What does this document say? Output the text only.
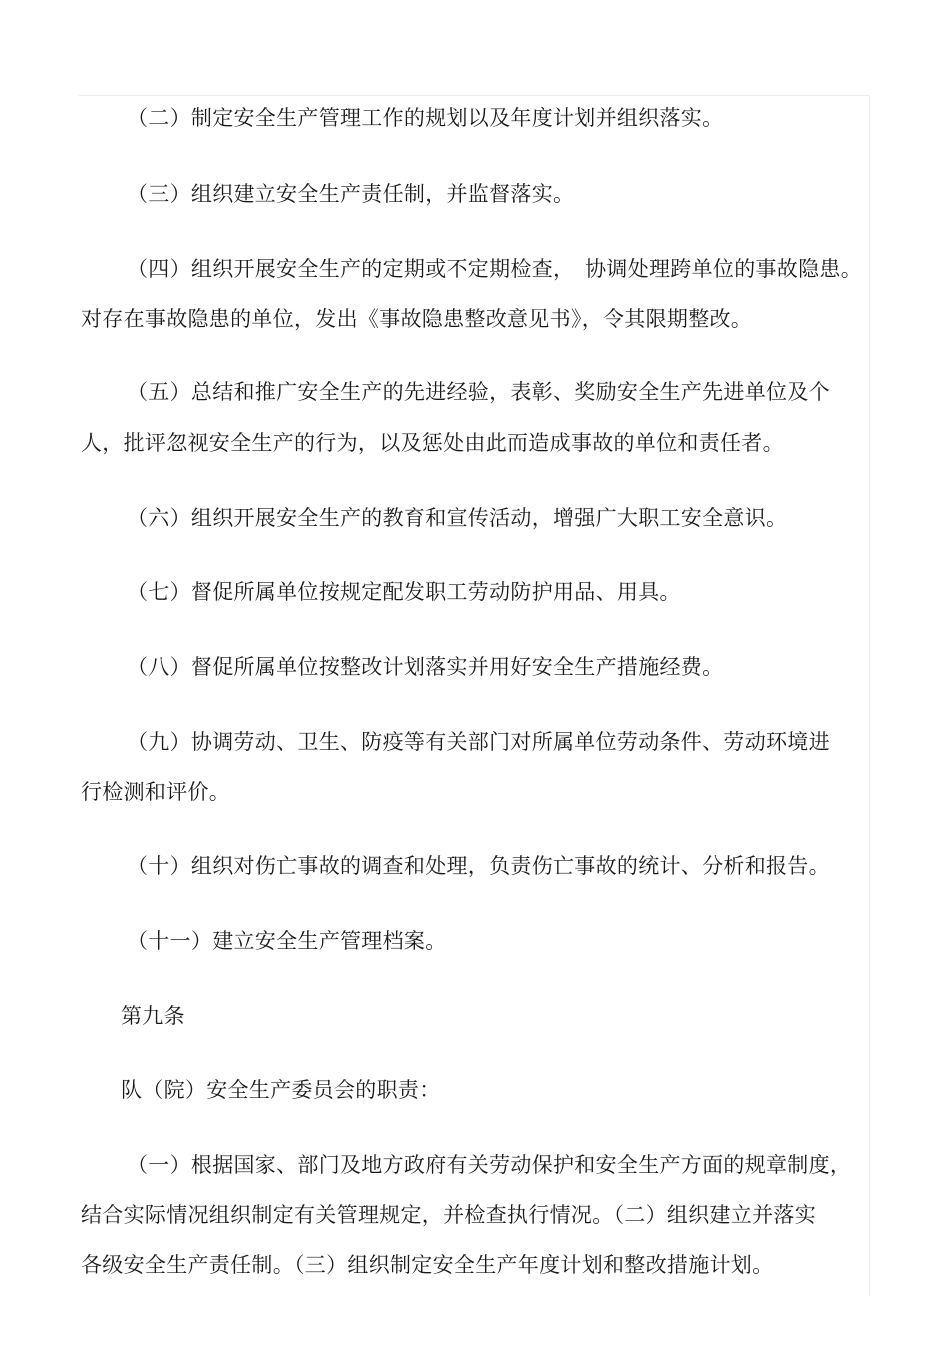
（二）制定安全生产管理工作的规划以及年度计划并组织落实。
（三）组织建立安全生产责任制，并监督落实。
（四）组织开展安全生产的定期或不定期检查，　协调处理跨单位的事故隐患。
对存在事故隐患的单位，发出《事故隐患整改意见书》，令其限期整改。
（五）总结和推广安全生产的先进经验，表彰、奖励安全生产先进单位及个
人，批评忽视安全生产的行为，以及惩处由此而造成事故的单位和责任者。
（六）组织开展安全生产的教育和宣传活动，增强广大职工安全意识。
（七）督促所属单位按规定配发职工劳动防护用品、用具。
（八）督促所属单位按整改计划落实并用好安全生产措施经费。
（九）协调劳动、卫生、防疫等有关部门对所属单位劳动条件、劳动环境进
行检测和评价。
（十）组织对伤亡事故的调查和处理，负责伤亡事故的统计、分析和报告。
（十一）建立安全生产管理档案。
第九条
队（院）安全生产委员会的职责：
（一）根据国家、部门及地方政府有关劳动保护和安全生产方面的规章制度，
结合实际情况组织制定有关管理规定，并检查执行情况。（二）组织建立并落实
各级安全生产责任制。（三）组织制定安全生产年度计划和整改措施计划。
